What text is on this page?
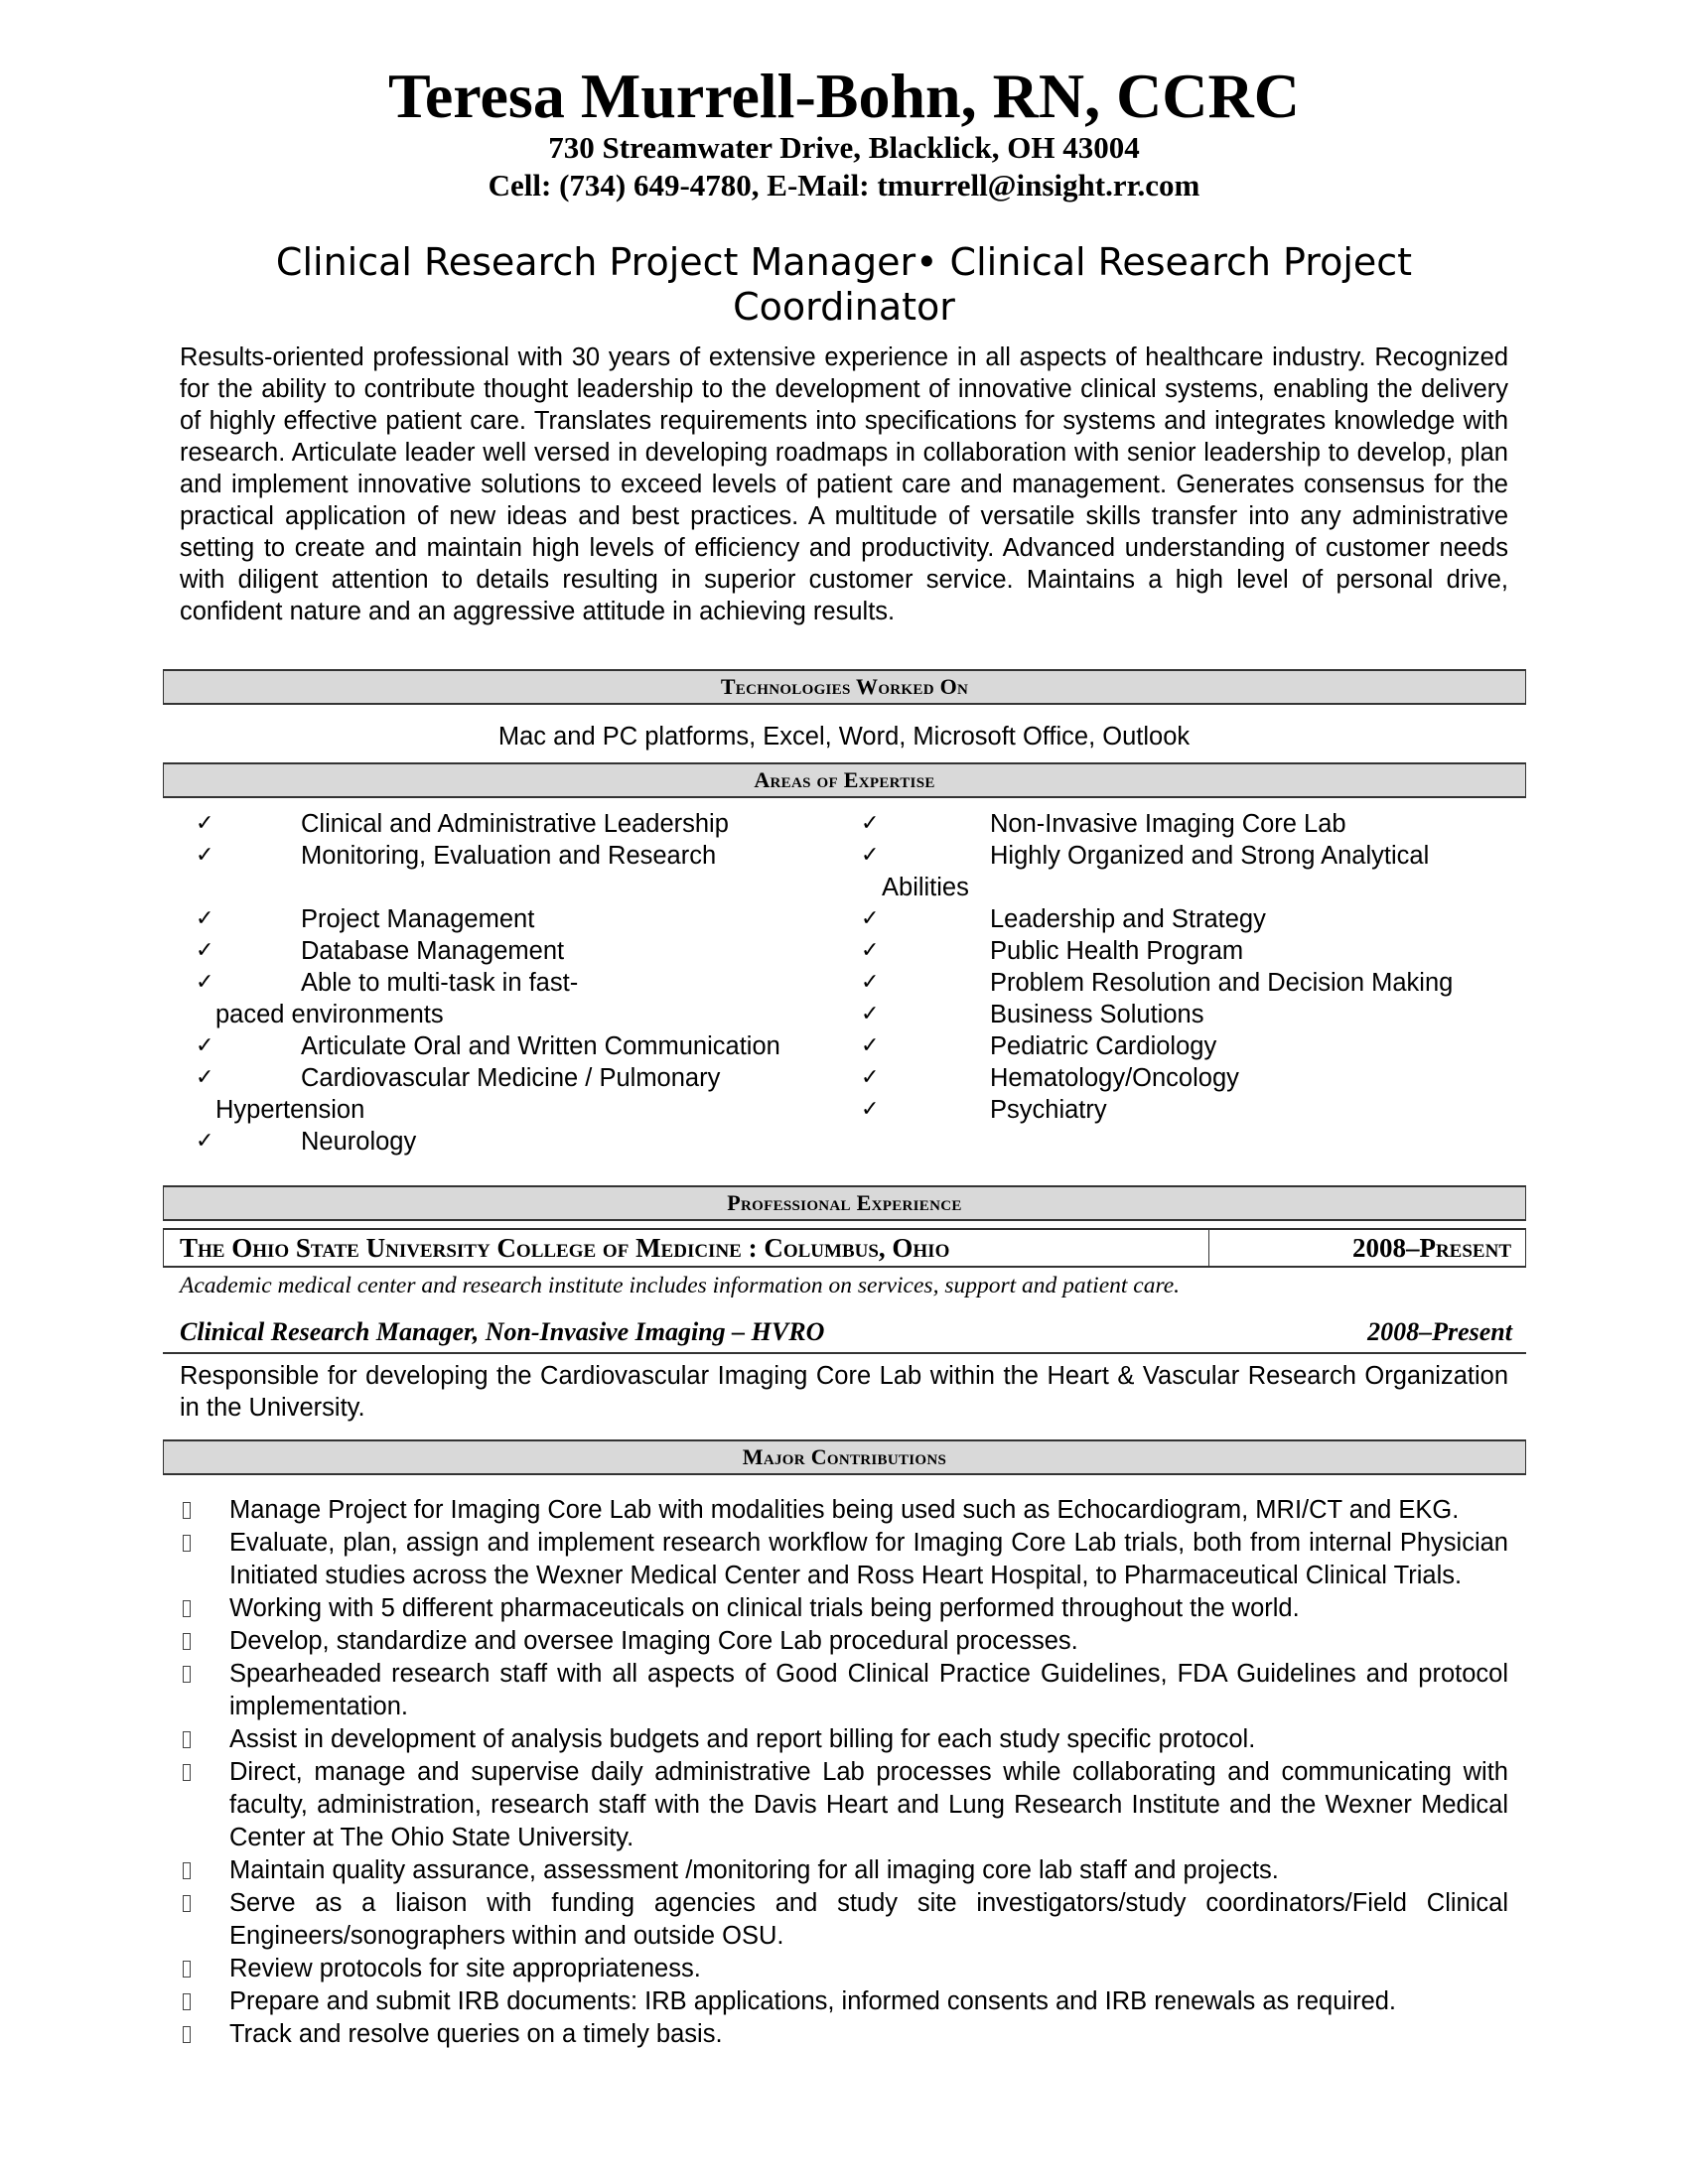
Teresa Murrell-Bohn, RN, CCRC
730 Streamwater Drive, Blacklick, OH 43004
Cell: (734) 649-4780, E-Mail: tmurrell@insight.rr.com
Clinical Research Project Manager• Clinical Research Project Coordinator

Results-oriented professional with 30 years of extensive experience in all aspects of healthcare industry. Recognized for the ability to contribute thought leadership to the development of innovative clinical systems, enabling the delivery of highly effective patient care. Translates requirements into specifications for systems and integrates knowledge with research. Articulate leader well versed in developing roadmaps in collaboration with senior leadership to develop, plan and implement innovative solutions to exceed levels of patient care and management. Generates consensus for the practical application of new ideas and best practices. A multitude of versatile skills transfer into any administrative setting to create and maintain high levels of efficiency and productivity. Advanced understanding of customer needs with diligent attention to details resulting in superior customer service. Maintains a high level of personal drive, confident nature and an aggressive attitude in achieving results.

Technologies Worked On
Mac and PC platforms, Excel, Word, Microsoft Office, Outlook
Areas of Expertise
✓	Clinical and Administrative Leadership
✓	Monitoring, Evaluation and Research
✓	Project Management
✓	Database Management
✓	Able to multi-task in fast-paced environments
✓	Articulate Oral and Written Communication
✓	Cardiovascular Medicine / Pulmonary Hypertension
✓	Neurology
✓	Non-Invasive Imaging Core Lab
✓	Highly Organized and Strong Analytical Abilities
✓	Leadership and Strategy
✓	Public Health Program
✓	Problem Resolution and Decision Making
✓	Business Solutions
✓	Pediatric Cardiology
✓	Hematology/Oncology
✓	Psychiatry
Professional Experience
The Ohio State University College of Medicine : Columbus, Ohio	2008–Present
Academic medical center and research institute includes information on services, support and patient care.
Clinical Research Manager, Non-Invasive Imaging – HVRO	2008–Present

Responsible for developing the Cardiovascular Imaging Core Lab within the Heart & Vascular Research Organization in the University.

Major Contributions
Manage Project for Imaging Core Lab with modalities being used such as Echocardiogram, MRI/CT and EKG.
Evaluate, plan, assign and implement research workflow for Imaging Core Lab trials, both from internal Physician Initiated studies across the Wexner Medical Center and Ross Heart Hospital, to Pharmaceutical Clinical Trials.
Working with 5 different pharmaceuticals on clinical trials being performed throughout the world.
Develop, standardize and oversee Imaging Core Lab procedural processes.
Spearheaded research staff with all aspects of Good Clinical Practice Guidelines, FDA Guidelines and protocol implementation.
Assist in development of analysis budgets and report billing for each study specific protocol.
Direct, manage and supervise daily administrative Lab processes while collaborating and communicating with faculty, administration, research staff with the Davis Heart and Lung Research Institute and the Wexner Medical Center at The Ohio State University.
Maintain quality assurance, assessment /monitoring for all imaging core lab staff and projects.
Serve as a liaison with funding agencies and study site investigators/study coordinators/Field Clinical Engineers/sonographers within and outside OSU.
Review protocols for site appropriateness.
Prepare and submit IRB documents: IRB applications, informed consents and IRB renewals as required.
Track and resolve queries on a timely basis.
